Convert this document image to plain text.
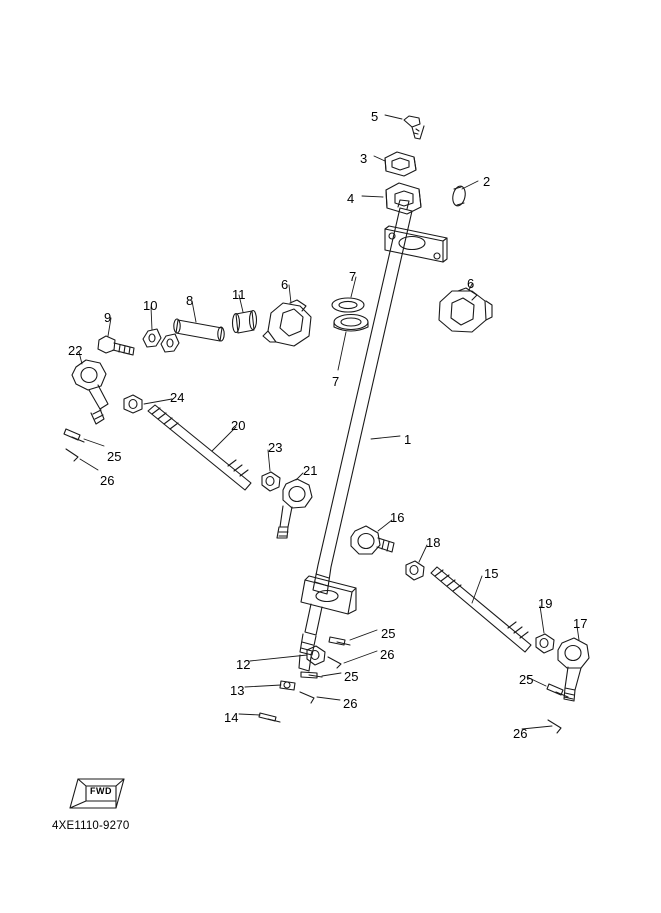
FWD
4XE1110-9270
5
3
2
4
6
7	6
11
8
10
9
7
22
24
20
1
25
23
26
21
16
18
15
19
17
25
26
12
25
13
26
14
25
26
